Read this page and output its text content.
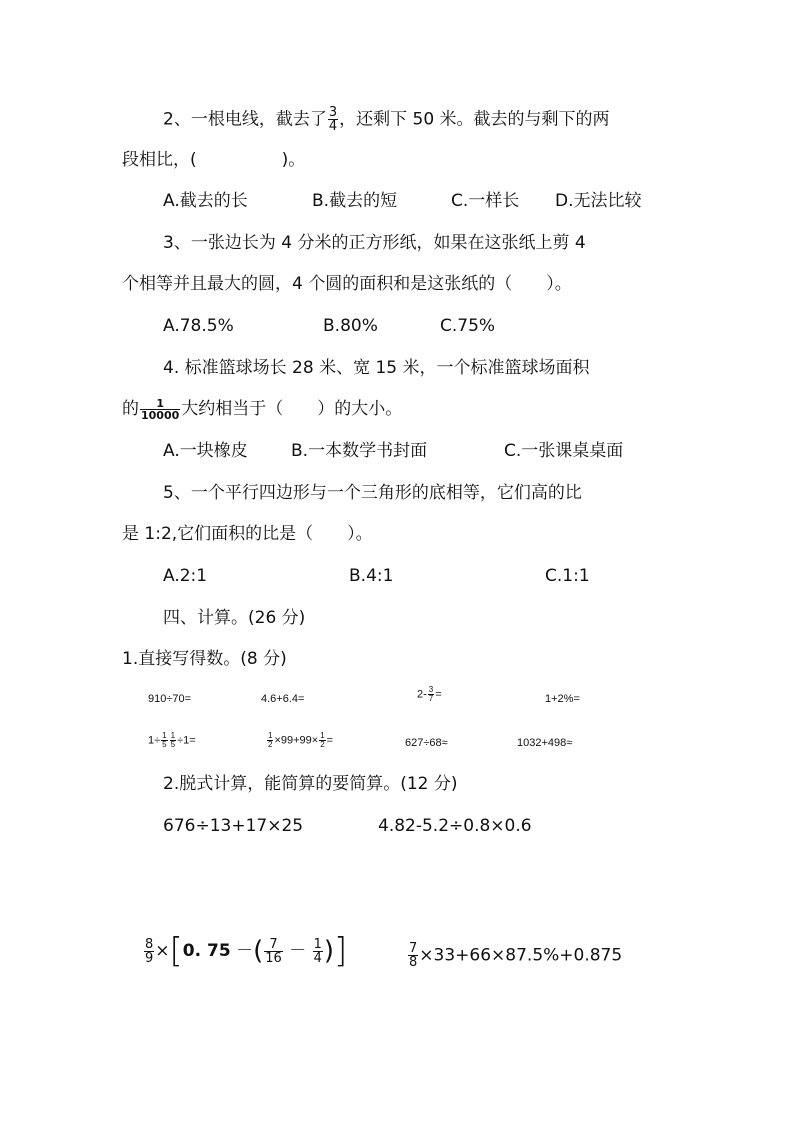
2、一根电线，截去了 $\frac{3}{4}$ ，还剩下 50 米。截去的与剩下的两
段相比，(　　　　　)。
A.截去的长	B.截去的短	C.一样长 D.无法比较
3、一张边长为 4 分米的正方形纸，如果在这张纸上剪 4
个相等并且最大的圆，4 个圆的面积和是这张纸的（　　）。
A.78.5%	B.80%	C.75%
4. 标准篮球场长 28 米、宽 15 米，一个标准篮球场面积
的 $\frac{1}{10000}$ 大约相当于（　　）的大小。
A.一块橡皮	B.一本数学书封面	C.一张课桌桌面
5、一个平行四边形与一个三角形的底相等，它们高的比
是 1:2,它们面积的比是（　　）。
A.2:1	B.4:1	C.1:1
四、计算。(26 分)
1.直接写得数。(8 分)
910÷70=	4.6+6.4=	$2- \frac{3}{7}$ =	1+2%=
$1\div \frac{1}{5} \frac{1}{5} \div 1=$	$\frac{1}{2} \times 99+99\times \frac{1}{2}$ =	627÷68≈	1032+498≈
2.脱式计算，能简算的要简算。(12 分)
676÷13+17×25	4.82-5.2÷0.8×0.6
$\frac{8}{9} \times[0$. 75 －( $\frac{7}{16} - \frac{1}{4}$ )]	$\frac{7}{8} \times 33+66\times 87.5\%+0.875$
